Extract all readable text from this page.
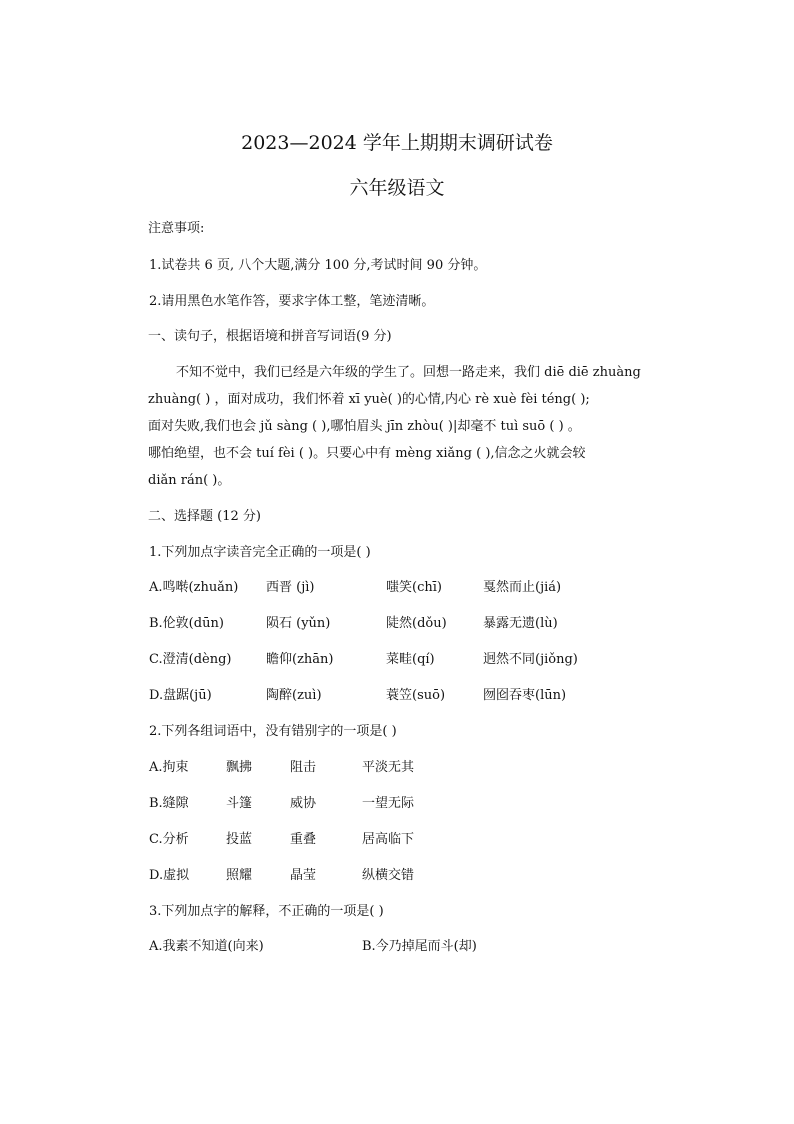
2023—2024 学年上期期末调研试卷
六年级语文
注意事项:
1.试卷共 6 页, 八个大题,满分 100 分,考试时间 90 分钟。
2.请用黑色水笔作答，要求字体工整，笔迹清晰。
一、读句子，根据语境和拼音写词语(9 分)
不知不觉中，我们已经是六年级的学生了。回想一路走来，我们 diē diē zhuàng
zhuàng( ) ，面对成功，我们怀着 xī yuè( )的心情,内心 rè xuè fèi téng( );
面对失败,我们也会 jǔ sàng ( ),哪怕眉头 jīn zhòu( )|却毫不 tuì suō ( ) 。
哪怕绝望，也不会 tuí fèi ( )。只要心中有 mèng xiǎng ( ),信念之火就会较
diǎn rán( )。
二、选择题 (12 分)
1.下列加点字读音完全正确的一项是( )
A.鸣啭(zhuǎn) 西晋 (jì)	嗤笑(chī)	戛然而止(jiá)
B.伦敦(dūn)	陨石 (yǔn)	陡然(dǒu)	暴露无遗(lù)
C.澄清(dèng)	瞻仰(zhān)	菜畦(qí)	迥然不同(jiǒng)
D.盘踞(jū)	陶醉(zuì)	蓑笠(suō)	囫囵吞枣(lūn)
2.下列各组词语中，没有错别字的一项是( )
A.拘束	飘拂	阻击	平淡无其
B.缝隙	斗篷	威协	一望无际
C.分析	投蓝	重叠	居高临下
D.虚拟	照耀	晶莹	纵横交错
3.下列加点字的解释，不正确的一项是( )
A.我素不知道(向来)	B.今乃掉尾而斗(却)
